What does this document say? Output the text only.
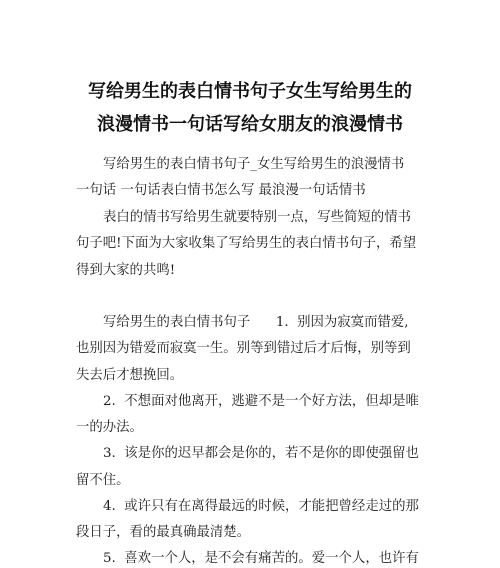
写给男生的表白情书句子女生写给男生的
浪漫情书一句话写给女朋友的浪漫情书
写给男生的表白情书句子_女生写给男生的浪漫情书
一句话 一句话表白情书怎么写 最浪漫一句话情书
表白的情书写给男生就要特别一点，写些简短的情书
句子吧!下面为大家收集了写给男生的表白情书句子，希望
得到大家的共鸣!
写给男生的表白情书句子      1.  别因为寂寞而错爱,
也别因为错爱而寂寞一生。别等到错过后才后悔，别等到
失去后才想挽回。
2.  不想面对他离开，逃避不是一个好方法，但却是唯
一的办法。
3.  该是你的迟早都会是你的，若不是你的即使强留也
留不住。
4.  或许只有在离得最远的时候，才能把曾经走过的那
段日子，看的最真确最清楚。
5.  喜欢一个人，是不会有痛苦的。爱一个人，也许有
